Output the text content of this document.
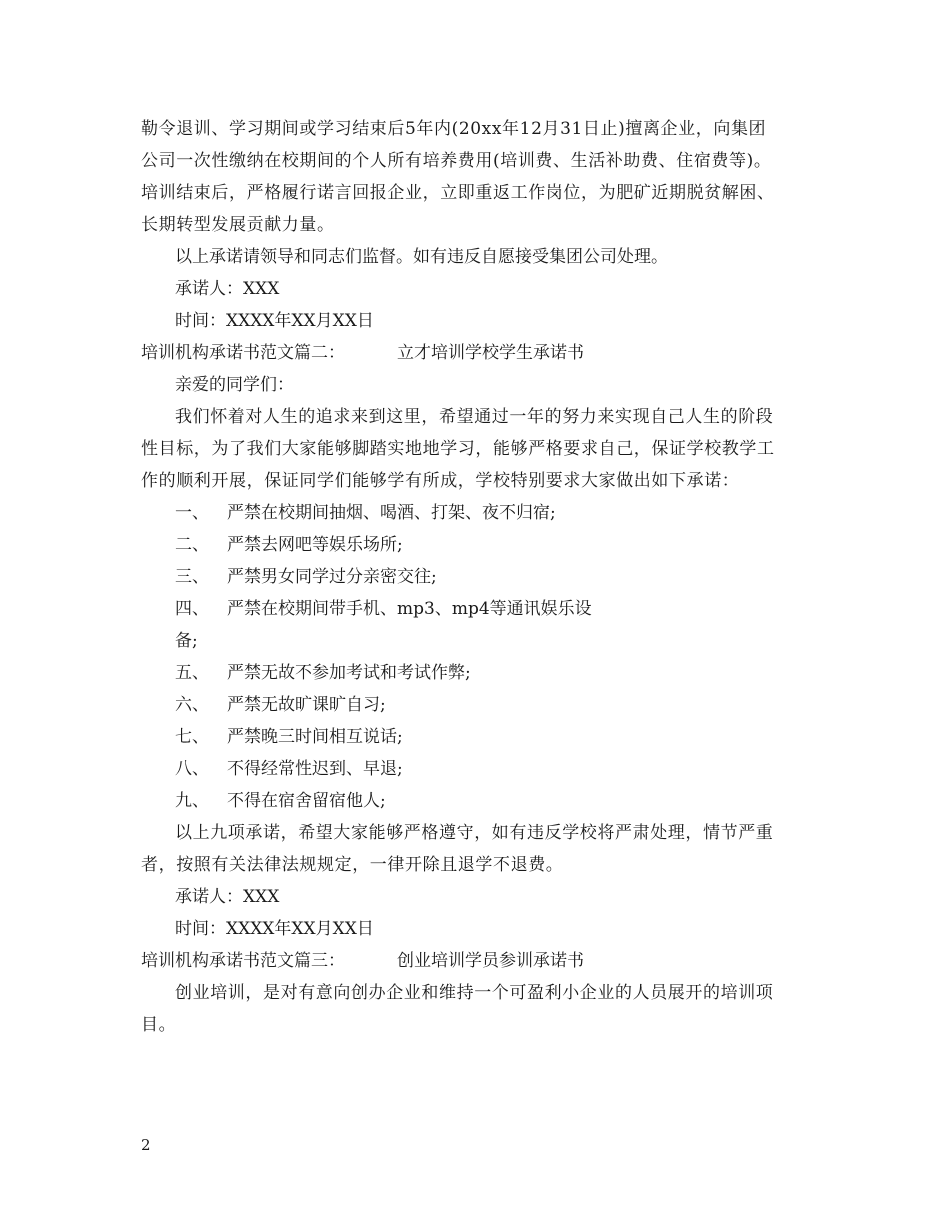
勒令退训、学习期间或学习结束后5年内(20xx年12月31日止)擅离企业，向集团

公司一次性缴纳在校期间的个人所有培养费用(培训费、生活补助费、住宿费等)。

培训结束后，严格履行诺言回报企业，立即重返工作岗位，为肥矿近期脱贫解困、

长期转型发展贡献力量。

以上承诺请领导和同志们监督。如有违反自愿接受集团公司处理。

承诺人：XXX

时间：XXXX年XX月XX日

培训机构承诺书范文篇二：	立才培训学校学生承诺书

亲爱的同学们：

我们怀着对人生的追求来到这里，希望通过一年的努力来实现自己人生的阶段

性目标，为了我们大家能够脚踏实地地学习，能够严格要求自己，保证学校教学工

作的顺利开展，保证同学们能够学有所成，学校特别要求大家做出如下承诺：

一、	严禁在校期间抽烟、喝酒、打架、夜不归宿;
二、	严禁去网吧等娱乐场所;
三、	严禁男女同学过分亲密交往;
四、	严禁在校期间带手机、mp3、mp4等通讯娱乐设
备;
五、	严禁无故不参加考试和考试作弊;
六、	严禁无故旷课旷自习;
七、	严禁晚三时间相互说话;
八、	不得经常性迟到、早退;
九、	不得在宿舍留宿他人;

以上九项承诺，希望大家能够严格遵守，如有违反学校将严肃处理，情节严重

者，按照有关法律法规规定，一律开除且退学不退费。

承诺人：XXX

时间：XXXX年XX月XX日

培训机构承诺书范文篇三：	创业培训学员参训承诺书

创业培训，是对有意向创办企业和维持一个可盈利小企业的人员展开的培训项

目。

2
